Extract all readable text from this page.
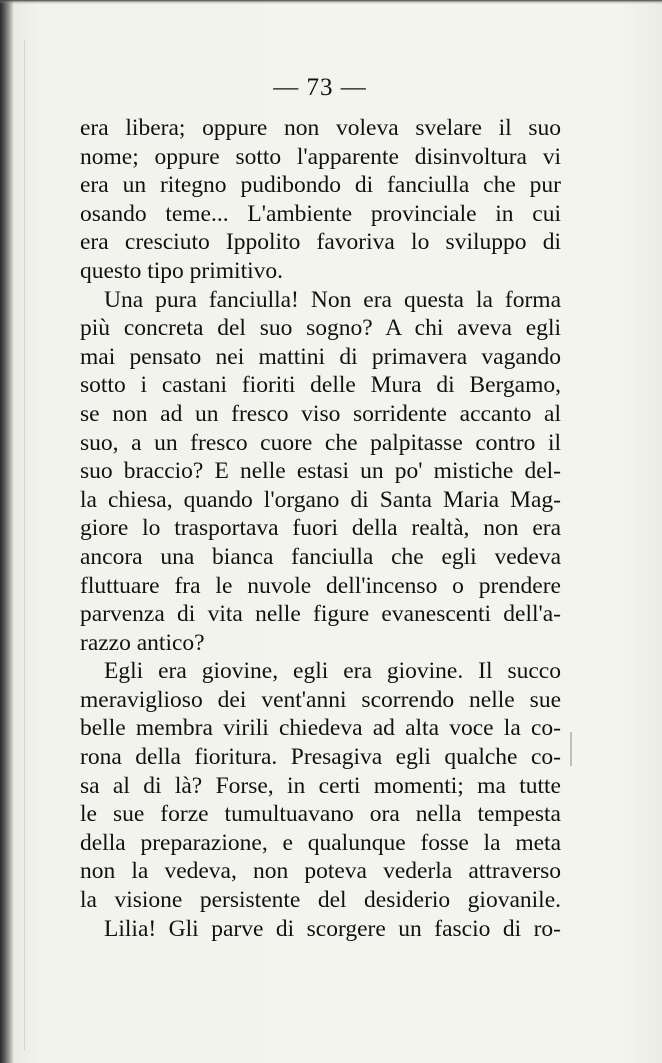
— 73 —
era libera; oppure non voleva svelare il suo
nome; oppure sotto l'apparente disinvoltura vi
era un ritegno pudibondo di fanciulla che pur
osando teme... L'ambiente provinciale in cui
era cresciuto Ippolito favoriva lo sviluppo di
questo tipo primitivo.
Una pura fanciulla! Non era questa la forma
più concreta del suo sogno? A chi aveva egli
mai pensato nei mattini di primavera vagando
sotto i castani fioriti delle Mura di Bergamo,
se non ad un fresco viso sorridente accanto al
suo, a un fresco cuore che palpitasse contro il
suo braccio? E nelle estasi un po' mistiche del-
la chiesa, quando l'organo di Santa Maria Mag-
giore lo trasportava fuori della realtà, non era
ancora una bianca fanciulla che egli vedeva
fluttuare fra le nuvole dell'incenso o prendere
parvenza di vita nelle figure evanescenti dell'a-
razzo antico?
Egli era giovine, egli era giovine. Il succo
meraviglioso dei vent'anni scorrendo nelle sue
belle membra virili chiedeva ad alta voce la co-
rona della fioritura. Presagiva egli qualche co-
sa al di là? Forse, in certi momenti; ma tutte
le sue forze tumultuavano ora nella tempesta
della preparazione, e qualunque fosse la meta
non la vedeva, non poteva vederla attraverso
la visione persistente del desiderio giovanile.
Lilia! Gli parve di scorgere un fascio di ro-
